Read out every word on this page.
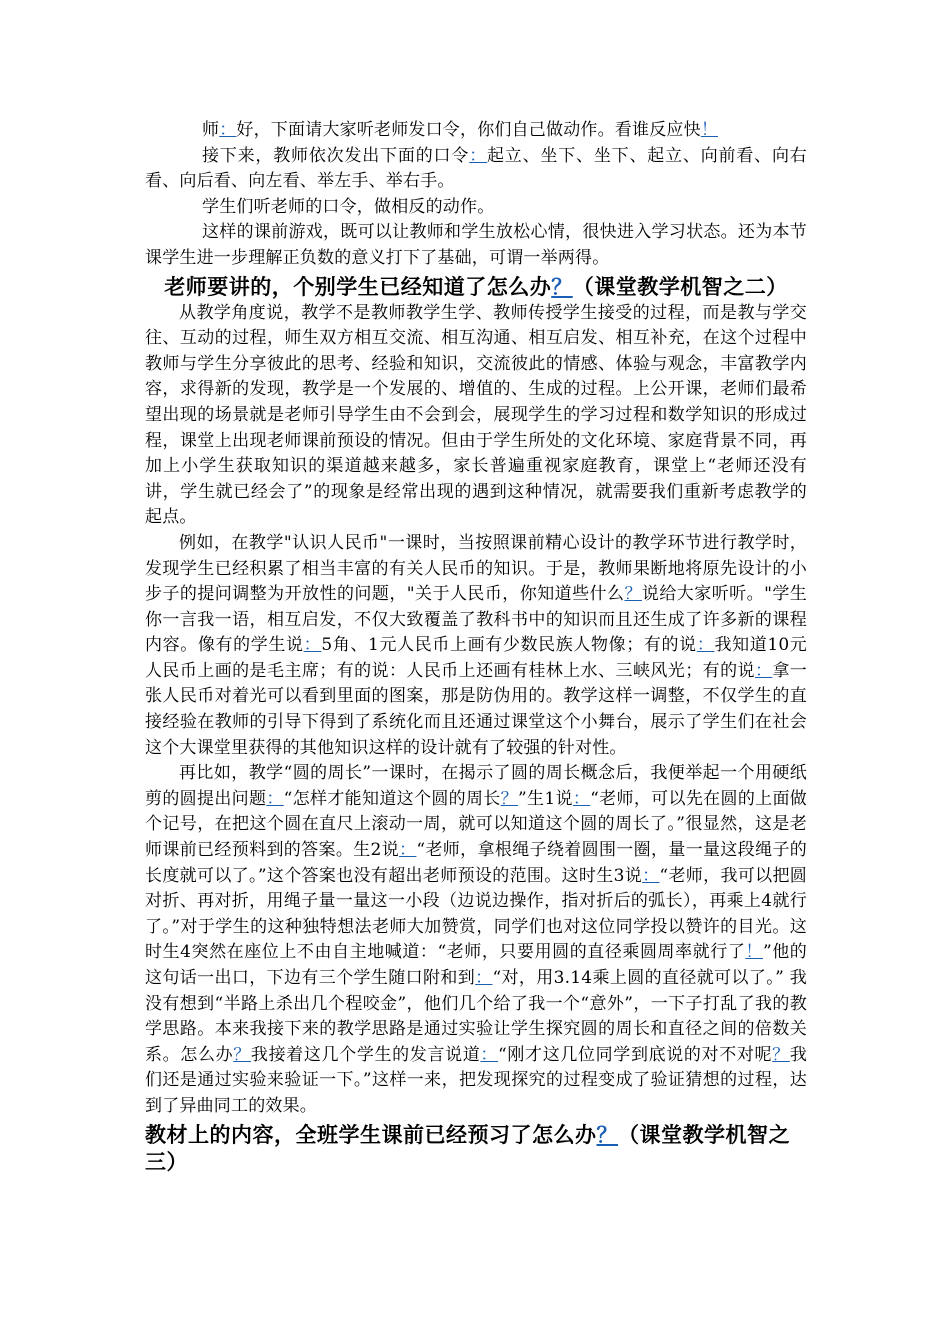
师：好，下面请大家听老师发口令，你们自己做动作。看谁反应快！

接下来，教师依次发出下面的口令：起立、坐下、坐下、起立、向前看、向右看、向后看、向左看、举左手、举右手。

学生们听老师的口令，做相反的动作。

这样的课前游戏，既可以让教师和学生放松心情，很快进入学习状态。还为本节课学生进一步理解正负数的意义打下了基础，可谓一举两得。

老师要讲的，个别学生已经知道了怎么办？（课堂教学机智之二）

从教学角度说，教学不是教师教学生学、教师传授学生接受的过程，而是教与学交往、互动的过程，师生双方相互交流、相互沟通、相互启发、相互补充，在这个过程中教师与学生分享彼此的思考、经验和知识，交流彼此的情感、体验与观念，丰富教学内容，求得新的发现，教学是一个发展的、增值的、生成的过程。上公开课，老师们最希望出现的场景就是老师引导学生由不会到会，展现学生的学习过程和数学知识的形成过程，课堂上出现老师课前预设的情况。但由于学生所处的文化环境、家庭背景不同，再加上小学生获取知识的渠道越来越多，家长普遍重视家庭教育，课堂上“老师还没有讲，学生就已经会了”的现象是经常出现的遇到这种情况，就需要我们重新考虑教学的起点。

例如，在教学"认识人民币"一课时，当按照课前精心设计的教学环节进行教学时，发现学生已经积累了相当丰富的有关人民币的知识。于是，教师果断地将原先设计的小步子的提问调整为开放性的问题，"关于人民币，你知道些什么？说给大家听听。"学生你一言我一语，相互启发，不仅大致覆盖了教科书中的知识而且还生成了许多新的课程内容。像有的学生说：5角、1元人民币上画有少数民族人物像；有的说：我知道10元人民币上画的是毛主席；有的说：人民币上还画有桂林上水、三峡风光；有的说：拿一张人民币对着光可以看到里面的图案，那是防伪用的。教学这样一调整，不仅学生的直接经验在教师的引导下得到了系统化而且还通过课堂这个小舞台，展示了学生们在社会这个大课堂里获得的其他知识这样的设计就有了较强的针对性。

再比如，教学“圆的周长”一课时，在揭示了圆的周长概念后，我便举起一个用硬纸剪的圆提出问题：“怎样才能知道这个圆的周长？”生1说：“老师，可以先在圆的上面做个记号，在把这个圆在直尺上滚动一周，就可以知道这个圆的周长了。”很显然，这是老师课前已经预料到的答案。生2说：“老师，拿根绳子绕着圆围一圈，量一量这段绳子的长度就可以了。”这个答案也没有超出老师预设的范围。这时生3说：“老师，我可以把圆对折、再对折，用绳子量一量这一小段（边说边操作，指对折后的弧长），再乘上4就行了。”对于学生的这种独特想法老师大加赞赏，同学们也对这位同学投以赞许的目光。这时生4突然在座位上不由自主地喊道：“老师，只要用圆的直径乘圆周率就行了！”他的这句话一出口，下边有三个学生随口附和到：“对，用3.14乘上圆的直径就可以了。” 我没有想到“半路上杀出几个程咬金”，他们几个给了我一个“意外”，一下子打乱了我的教学思路。本来我接下来的教学思路是通过实验让学生探究圆的周长和直径之间的倍数关系。怎么办？我接着这几个学生的发言说道：“刚才这几位同学到底说的对不对呢？我们还是通过实验来验证一下。”这样一来，把发现探究的过程变成了验证猜想的过程，达到了异曲同工的效果。

教材上的内容，全班学生课前已经预习了怎么办？（课堂教学机智之三）
